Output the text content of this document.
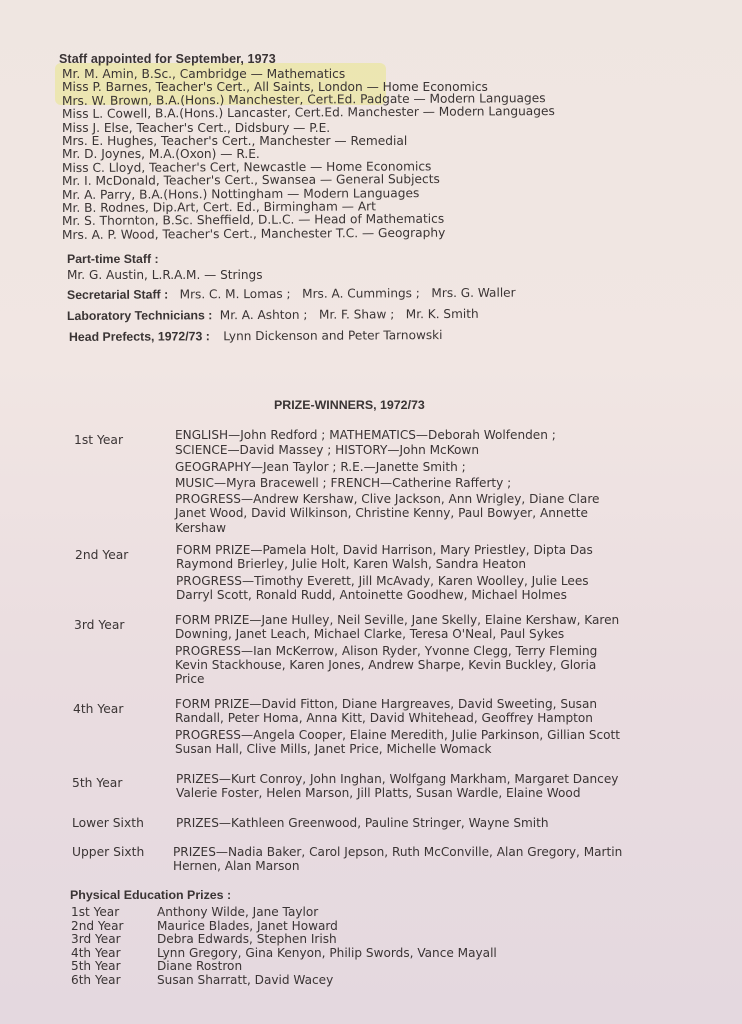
Staff appointed for September, 1973
Mr. M. Amin, B.Sc., Cambridge — Mathematics
Miss P. Barnes, Teacher's Cert., All Saints, London — Home Economics
Mrs. W. Brown, B.A.(Hons.) Manchester, Cert.Ed. Padgate — Modern Languages
Miss L. Cowell, B.A.(Hons.) Lancaster, Cert.Ed. Manchester — Modern Languages
Miss J. Else, Teacher's Cert., Didsbury — P.E.
Mrs. E. Hughes, Teacher's Cert., Manchester — Remedial
Mr. D. Joynes, M.A.(Oxon) — R.E.
Miss C. Lloyd, Teacher's Cert, Newcastle — Home Economics
Mr. I. McDonald, Teacher's Cert., Swansea — General Subjects
Mr. A. Parry, B.A.(Hons.) Nottingham — Modern Languages
Mr. B. Rodnes, Dip.Art, Cert. Ed., Birmingham — Art
Mr. S. Thornton, B.Sc. Sheffield, D.L.C. — Head of Mathematics
Mrs. A. P. Wood, Teacher's Cert., Manchester T.C. — Geography
Part-time Staff :
Mr. G. Austin, L.R.A.M. — Strings
Secretarial Staff : Mrs. C. M. Lomas ;   Mrs. A. Cummings ;   Mrs. G. Waller
Laboratory Technicians : Mr. A. Ashton ;   Mr. F. Shaw ;   Mr. K. Smith
Head Prefects, 1972/73 : Lynn Dickenson and Peter Tarnowski
PRIZE-WINNERS, 1972/73
1st Year	ENGLISH—John Redford ; MATHEMATICS—Deborah Wolfenden ;
SCIENCE—David Massey ; HISTORY—John McKown
GEOGRAPHY—Jean Taylor ; R.E.—Janette Smith ;
MUSIC—Myra Bracewell ; FRENCH—Catherine Rafferty ;
PROGRESS—Andrew Kershaw, Clive Jackson, Ann Wrigley, Diane Clare
Janet Wood, David Wilkinson, Christine Kenny, Paul Bowyer, Annette
Kershaw
2nd Year	FORM PRIZE—Pamela Holt, David Harrison, Mary Priestley, Dipta Das
Raymond Brierley, Julie Holt, Karen Walsh, Sandra Heaton
PROGRESS—Timothy Everett, Jill McAvady, Karen Woolley, Julie Lees
Darryl Scott, Ronald Rudd, Antoinette Goodhew, Michael Holmes
3rd Year	FORM PRIZE—Jane Hulley, Neil Seville, Jane Skelly, Elaine Kershaw, Karen
Downing, Janet Leach, Michael Clarke, Teresa O'Neal, Paul Sykes
PROGRESS—Ian McKerrow, Alison Ryder, Yvonne Clegg, Terry Fleming
Kevin Stackhouse, Karen Jones, Andrew Sharpe, Kevin Buckley, Gloria
Price
4th Year	FORM PRIZE—David Fitton, Diane Hargreaves, David Sweeting, Susan
Randall, Peter Homa, Anna Kitt, David Whitehead, Geoffrey Hampton
PROGRESS—Angela Cooper, Elaine Meredith, Julie Parkinson, Gillian Scott
Susan Hall, Clive Mills, Janet Price, Michelle Womack
5th Year	PRIZES—Kurt Conroy, John Inghan, Wolfgang Markham, Margaret Dancey
Valerie Foster, Helen Marson, Jill Platts, Susan Wardle, Elaine Wood
Lower Sixth	PRIZES—Kathleen Greenwood, Pauline Stringer, Wayne Smith
Upper Sixth PRIZES—Nadia Baker, Carol Jepson, Ruth McConville, Alan Gregory, Martin
Hernen, Alan Marson
Physical Education Prizes :
1st Year	Anthony Wilde, Jane Taylor
2nd Year	Maurice Blades, Janet Howard
3rd Year	Debra Edwards, Stephen Irish
4th Year	Lynn Gregory, Gina Kenyon, Philip Swords, Vance Mayall
5th Year	Diane Rostron
6th Year	Susan Sharratt, David Wacey
